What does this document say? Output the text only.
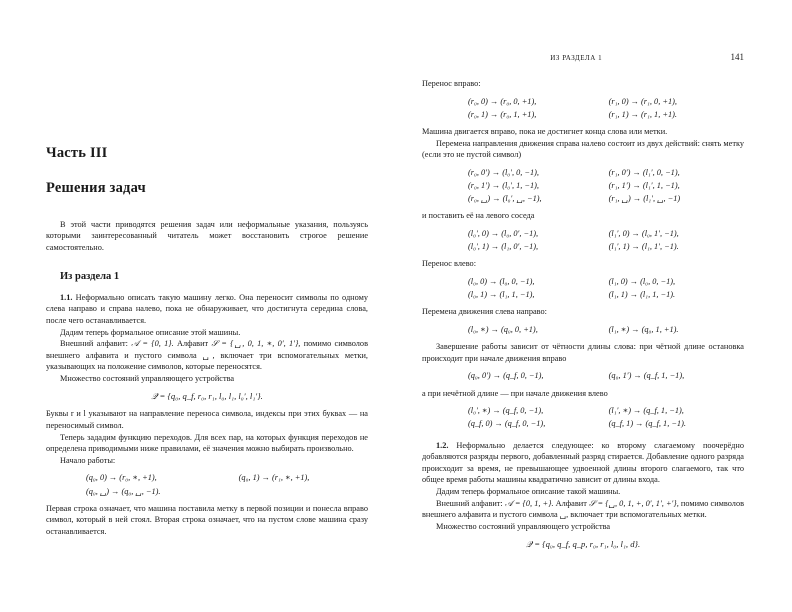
Часть III
Решения задач

В этой части приводятся решения задач или неформальные указания, пользуясь которыми заинтересованный читатель может восстановить строгое решение самостоятельно.

Из раздела 1

1.1. Неформально описать такую машину легко. Она переносит символы по одному слева направо и справа налево, пока не обнаруживает, что достигнута середина слова, после чего останавливается.

Дадим теперь формальное описание этой машины.

Внешний алфавит: 𝒜 = {0, 1}. Алфавит 𝒮 = {␣, 0, 1, ∗, 0′, 1′}, помимо символов внешнего алфавита и пустого символа ␣, включает три вспомогательных метки, указывающих на положение символов, которые переносятся.

Множество состояний управляющего устройства

𝒬 = {q₀, q_f, r₀, r₁, l₀, l₁, l₀′, l₁′}.

Буквы r и l указывают на направление переноса символа, индексы при этих буквах — на переносимый символ.

Теперь зададим функцию переходов. Для всех пар, на которых функция переходов не определена приводимыми ниже правилами, её значения можно выбирать произвольно.

Начало работы:

(q₀, 0) → (r₀, ∗, +1),	(q₀, 1) → (r₁, ∗, +1),
(q₀, ␣) → (q₀, ␣, −1).

Первая строка означает, что машина поставила метку в первой позиции и понесла вправо символ, который в ней стоял. Вторая строка означает, что на пустом слове машина сразу останавливается.

ИЗ РАЗДЕЛА 1	141

Перенос вправо:

(r₀, 0) → (r₀, 0, +1),	(r₁, 0) → (r₁, 0, +1),
(r₀, 1) → (r₀, 1, +1),	(r₁, 1) → (r₁, 1, +1).

Машина двигается вправо, пока не достигнет конца слова или метки.

Перемена направления движения справа налево состоит из двух действий: снять метку (если это не пустой символ)

(r₀, 0′) → (l₀′, 0, −1),	(r₁, 0′) → (l₁′, 0, −1),
(r₀, 1′) → (l₀′, 1, −1),	(r₁, 1′) → (l₁′, 1, −1),
(r₀, ␣) → (l₀′, ␣, −1),	(r₁, ␣) → (l₁′, ␣, −1)

и поставить её на левого соседа

(l₀′, 0) → (l₀, 0′, −1),	(l₁′, 0) → (l₀, 1′, −1),
(l₀′, 1) → (l₁, 0′, −1),	(l₁′, 1) → (l₁, 1′, −1).

Перенос влево:

(l₀, 0) → (l₀, 0, −1),	(l₁, 0) → (l₀, 0, −1),
(l₀, 1) → (l₁, 1, −1),	(l₁, 1) → (l₁, 1, −1).

Перемена движения слева направо:

(l₀, ∗) → (q₀, 0, +1),	(l₁, ∗) → (q₀, 1, +1).

Завершение работы зависит от чётности длины слова: при чётной длине остановка происходит при начале движения вправо

(q₀, 0′) → (q_f, 0, −1),	(q₀, 1′) → (q_f, 1, −1),

а при нечётной длине — при начале движения влево

(l₀′, ∗) → (q_f, 0, −1),	(l₁′, ∗) → (q_f, 1, −1),
(q_f, 0) → (q_f, 0, −1),	(q_f, 1) → (q_f, 1, −1).

1.2. Неформально делается следующее: ко второму слагаемому поочерёдно добавляются разряды первого, добавленный разряд стирается. Добавление одного разряда происходит за время, не превышающее удвоенной длины второго слагаемого, так что общее время работы машины квадратично зависит от длины входа.

Дадим теперь формальное описание такой машины.

Внешний алфавит: 𝒜 = {0, 1, +}. Алфавит 𝒮 = {␣, 0, 1, +, 0′, 1′, +′}, помимо символов внешнего алфавита и пустого символа ␣, включает три вспомогательных метки.

Множество состояний управляющего устройства

𝒬 = {q₀, q_f, q_p, r₀, r₁, l₀, l₁, d}.
